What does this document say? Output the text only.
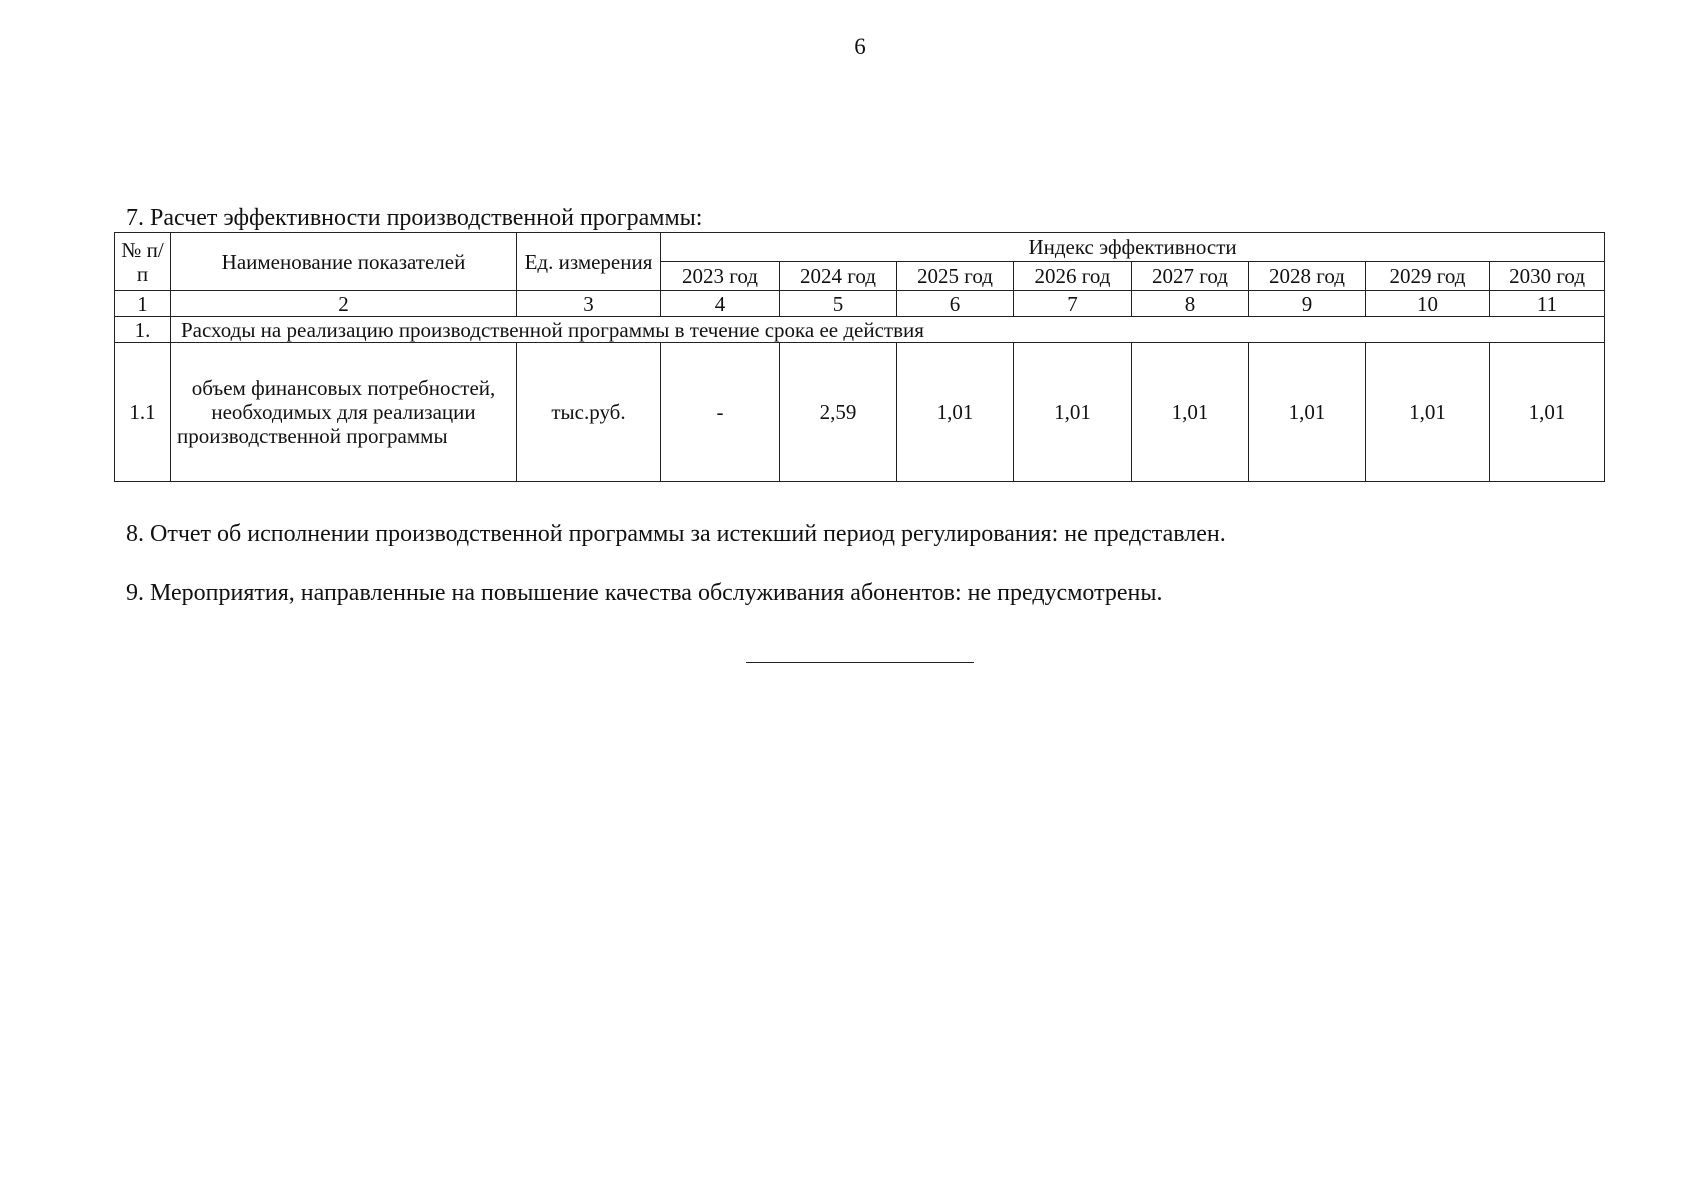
6
7. Расчет эффективности производственной программы:
№ п/п	Наименование показателей	Ед. измерения	Индекс эффективности							
			2023 год	2024 год	2025 год	2026 год	2027 год	2028 год	2029 год	2030 год
1	2	3	4	5	6	7	8	9	10	11
1.	Расходы на реализацию производственной программы в течение срока ее действия									
1.1	объем финансовых потребностей, необходимых для реализации производственной программы	тыс.руб.	-	2,59	1,01	1,01	1,01	1,01	1,01	1,01
8. Отчет об исполнении производственной программы за истекший период регулирования: не представлен.
9. Мероприятия, направленные на повышение качества обслуживания абонентов: не предусмотрены.
